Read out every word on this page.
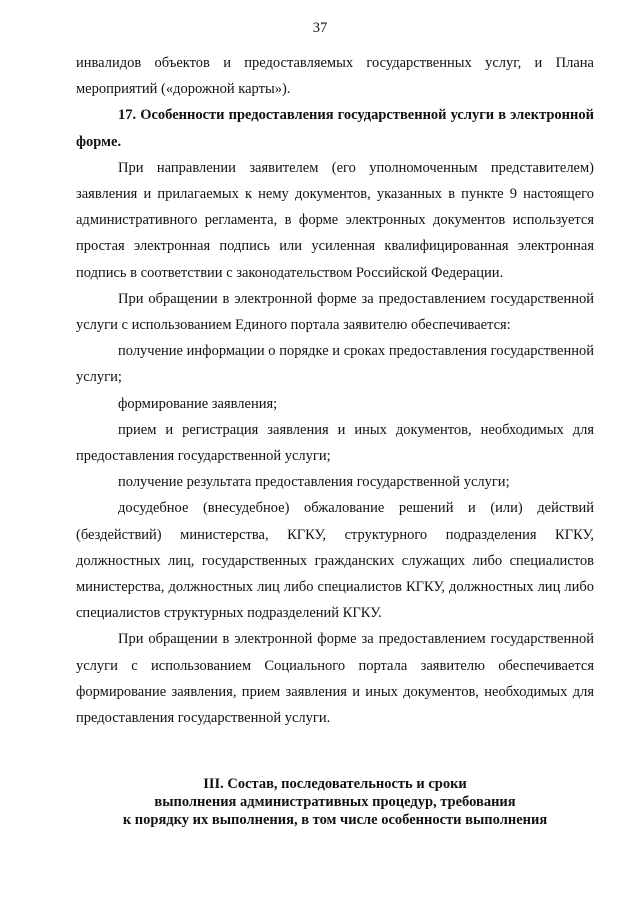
37

инвалидов объектов и предоставляемых государственных услуг, и Плана мероприятий («дорожной карты»).

17. Особенности предоставления государственной услуги в электронной форме.

При направлении заявителем (его уполномоченным представителем) заявления и прилагаемых к нему документов, указанных в пункте 9 настоящего административного регламента, в форме электронных документов используется простая электронная подпись или усиленная квалифицированная электронная подпись в соответствии с законодательством Российской Федерации.

При обращении в электронной форме за предоставлением государственной услуги с использованием Единого портала заявителю обеспечивается:

получение информации о порядке и сроках предоставления государственной услуги;

формирование заявления;

прием и регистрация заявления и иных документов, необходимых для предоставления государственной услуги;

получение результата предоставления государственной услуги;

досудебное (внесудебное) обжалование решений и (или) действий (бездействий) министерства, КГКУ, структурного подразделения КГКУ, должностных лиц, государственных гражданских служащих либо специалистов министерства, должностных лиц либо специалистов КГКУ, должностных лиц либо специалистов структурных подразделений КГКУ.

При обращении в электронной форме за предоставлением государственной услуги с использованием Социального портала заявителю обеспечивается формирование заявления, прием заявления и иных документов, необходимых для предоставления государственной услуги.

III. Состав, последовательность и сроки
выполнения административных процедур, требования
к порядку их выполнения, в том числе особенности выполнения
